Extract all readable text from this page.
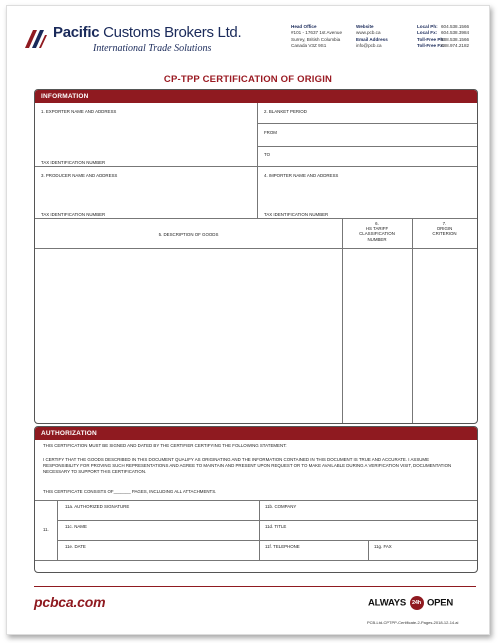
Pacific Customs Brokers Ltd.
International Trade Solutions
Head Office
#101 - 17637 1st Avenue
Surrey, British Columbia
Canada V3Z 9S1
Website
www.pcb.ca
Email Address
info@pcb.ca
Local Ph: 604.538.1566
Local Fx: 604.538.3984
Toll-Free Ph:
888.538.1566
Toll-Free Fx:
888.974.2182
CP-TPP CERTIFICATION OF ORIGIN
INFORMATION
1. EXPORTER NAME AND ADDRESS
TAX IDENTIFICATION NUMBER
2. BLANKET PERIOD
FROM
TO
3. PRODUCER NAME AND ADDRESS
TAX IDENTIFICATION NUMBER
4. IMPORTER NAME AND ADDRESS
TAX IDENTIFICATION NUMBER
5. DESCRIPTION OF GOODS
6.
HS TARIFF
CLASSIFICATION
NUMBER
7.
ORIGIN
CRITERION
AUTHORIZATION
THIS CERTIFICATION MUST BE SIGNED AND DATED BY THE CERTIFIER CERTIFYING THE FOLLOWING STATEMENT:
I CERTIFY THAT THE GOODS DESCRIBED IN THIS DOCUMENT QUALIFY AS ORIGINATING AND THE INFORMATION CONTAINED IN THIS DOCUMENT IS TRUE AND ACCURATE. I ASSUME
RESPONSIBILITY FOR PROVING SUCH REPRESENTATIONS AND AGREE TO MAINTAIN AND PRESENT UPON REQUEST OR TO MAKE AVAILABLE DURING A VERIFICATION VISIT, DOCUMENTATION
NECESSARY TO SUPPORT THIS CERTIFICATION.
THIS CERTIFICATE CONSISTS OF_______ PAGES, INCLUDING ALL ATTACHMENTS.
11.
11a. AUTHORIZED SIGNATURE	11b. COMPANY
11c. NAME	11d. TITLE
11e. DATE	11f. TELEPHONE	11g. FAX
pcbca.com	ALWAYS 24h OPEN
PCB-Ltd-CPTPP-Certificate-2-Pages-2018-12-14.ai
